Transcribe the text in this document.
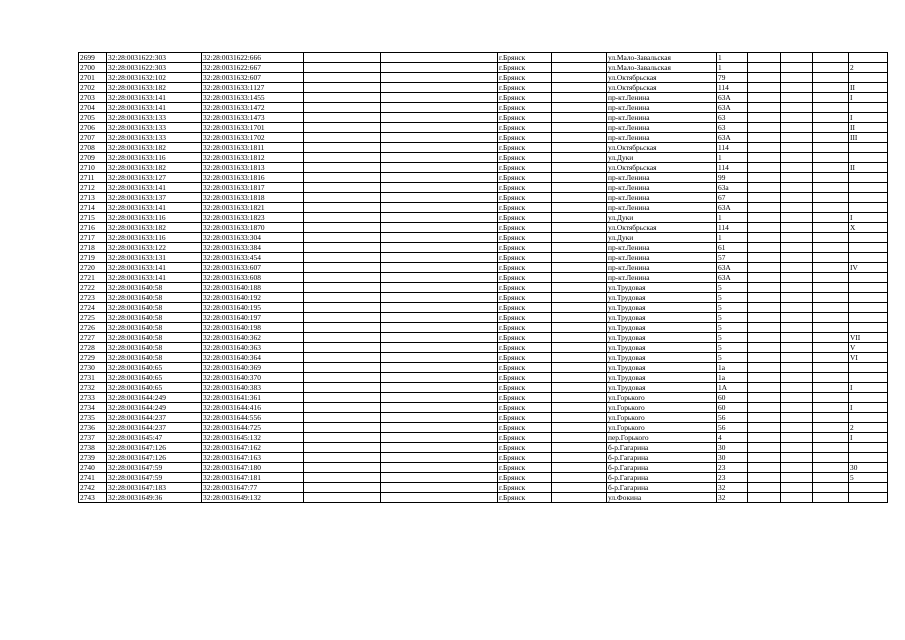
2699	32:28:0031622:303	32:28:0031622:666			г.Брянск		ул.Мало-Завальская	1				
2700	32:28:0031622:303	32:28:0031622:667			г.Брянск		ул.Мало-Завальская	1				2
2701	32:28:0031632:102	32:28:0031632:607			г.Брянск		ул.Октябрьская	79				
2702	32:28:0031633:182	32:28:0031633:1127			г.Брянск		ул.Октябрьская	114				II
2703	32:28:0031633:141	32:28:0031633:1455			г.Брянск		пр-кт.Ленина	63А				I
2704	32:28:0031633:141	32:28:0031633:1472			г.Брянск		пр-кт.Ленина	63А				
2705	32:28:0031633:133	32:28:0031633:1473			г.Брянск		пр-кт.Ленина	63				I
2706	32:28:0031633:133	32:28:0031633:1701			г.Брянск		пр-кт.Ленина	63				II
2707	32:28:0031633:133	32:28:0031633:1702			г.Брянск		пр-кт.Ленина	63А				III
2708	32:28:0031633:182	32:28:0031633:1811			г.Брянск		ул.Октябрьская	114				
2709	32:28:0031633:116	32:28:0031633:1812			г.Брянск		ул.Дуки	1				
2710	32:28:0031633:182	32:28:0031633:1813			г.Брянск		ул.Октябрьская	114				II
2711	32:28:0031633:127	32:28:0031633:1816			г.Брянск		пр-кт.Ленина	99				
2712	32:28:0031633:141	32:28:0031633:1817			г.Брянск		пр-кт.Ленина	63а				
2713	32:28:0031633:137	32:28:0031633:1818			г.Брянск		пр-кт.Ленина	67				
2714	32:28:0031633:141	32:28:0031633:1821			г.Брянск		пр-кт.Ленина	63А				
2715	32:28:0031633:116	32:28:0031633:1823			г.Брянск		ул.Дуки	1				I
2716	32:28:0031633:182	32:28:0031633:1870			г.Брянск		ул.Октябрьская	114				X
2717	32:28:0031633:116	32:28:0031633:304			г.Брянск		ул.Дуки	1				
2718	32:28:0031633:122	32:28:0031633:384			г.Брянск		пр-кт.Ленина	61				
2719	32:28:0031633:131	32:28:0031633:454			г.Брянск		пр-кт.Ленина	57				
2720	32:28:0031633:141	32:28:0031633:607			г.Брянск		пр-кт.Ленина	63А				IV
2721	32:28:0031633:141	32:28:0031633:608			г.Брянск		пр-кт.Ленина	63А				
2722	32:28:0031640:58	32:28:0031640:188			г.Брянск		ул.Трудовая	5				
2723	32:28:0031640:58	32:28:0031640:192			г.Брянск		ул.Трудовая	5				
2724	32:28:0031640:58	32:28:0031640:195			г.Брянск		ул.Трудовая	5				
2725	32:28:0031640:58	32:28:0031640:197			г.Брянск		ул.Трудовая	5				
2726	32:28:0031640:58	32:28:0031640:198			г.Брянск		ул.Трудовая	5				
2727	32:28:0031640:58	32:28:0031640:362			г.Брянск		ул.Трудовая	5				VII
2728	32:28:0031640:58	32:28:0031640:363			г.Брянск		ул.Трудовая	5				V
2729	32:28:0031640:58	32:28:0031640:364			г.Брянск		ул.Трудовая	5				VI
2730	32:28:0031640:65	32:28:0031640:369			г.Брянск		ул.Трудовая	1а				
2731	32:28:0031640:65	32:28:0031640:370			г.Брянск		ул.Трудовая	1а				
2732	32:28:0031640:65	32:28:0031640:383			г.Брянск		ул.Трудовая	1А				I
2733	32:28:0031644:249	32:28:0031641:361			г.Брянск		ул.Горького	60				
2734	32:28:0031644:249	32:28:0031644:416			г.Брянск		ул.Горького	60				I
2735	32:28:0031644:237	32:28:0031644:556			г.Брянск		ул.Горького	56				
2736	32:28:0031644:237	32:28:0031644:725			г.Брянск		ул.Горького	56				2
2737	32:28:0031645:47	32:28:0031645:132			г.Брянск		пер.Горького	4				I
2738	32:28:0031647:126	32:28:0031647:162			г.Брянск		б-р.Гагарина	30				
2739	32:28:0031647:126	32:28:0031647:163			г.Брянск		б-р.Гагарина	30				
2740	32:28:0031647:59	32:28:0031647:180			г.Брянск		б-р.Гагарина	23				30
2741	32:28:0031647:59	32:28:0031647:181			г.Брянск		б-р.Гагарина	23				5
2742	32:28:0031647:183	32:28:0031647:77			г.Брянск		б-р.Гагарина	32				
2743	32:28:0031649:36	32:28:0031649:132			г.Брянск		ул.Фокина	32				
